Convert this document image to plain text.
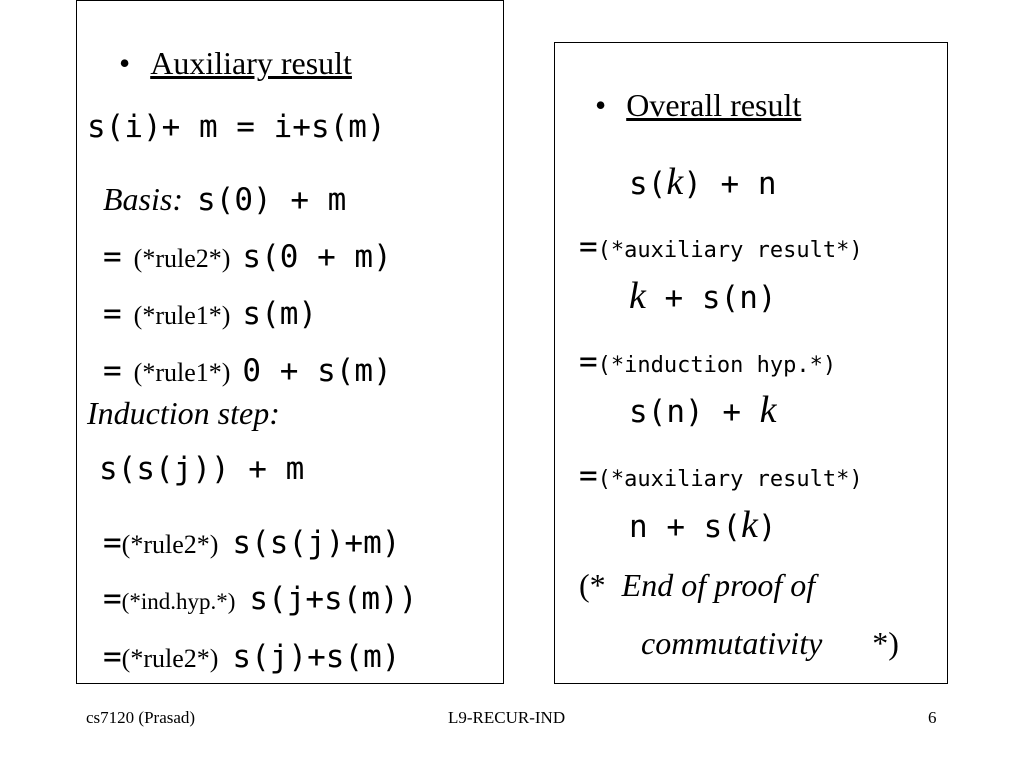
• Auxiliary result

s(i)+ m = i+s(m)

Basis: s(0) + m

= (*rule2*) s(0 + m)

= (*rule1*) s(m)

= (*rule1*) 0 + s(m)

Induction step:
s(s(j)) + m

=(*rule2*) s(s(j)+m)

=(*ind.hyp.*) s(j+s(m))

=(*rule2*) s(j)+s(m)

• Overall result

s(k) + n

=(*auxiliary result*)

k + s(n)

=(*induction hyp.*)

s(n) + k

=(*auxiliary result*)

n + s(k)

(* End of proof of

commutativity *)

cs7120 (Prasad)	L9-RECUR-IND	6
